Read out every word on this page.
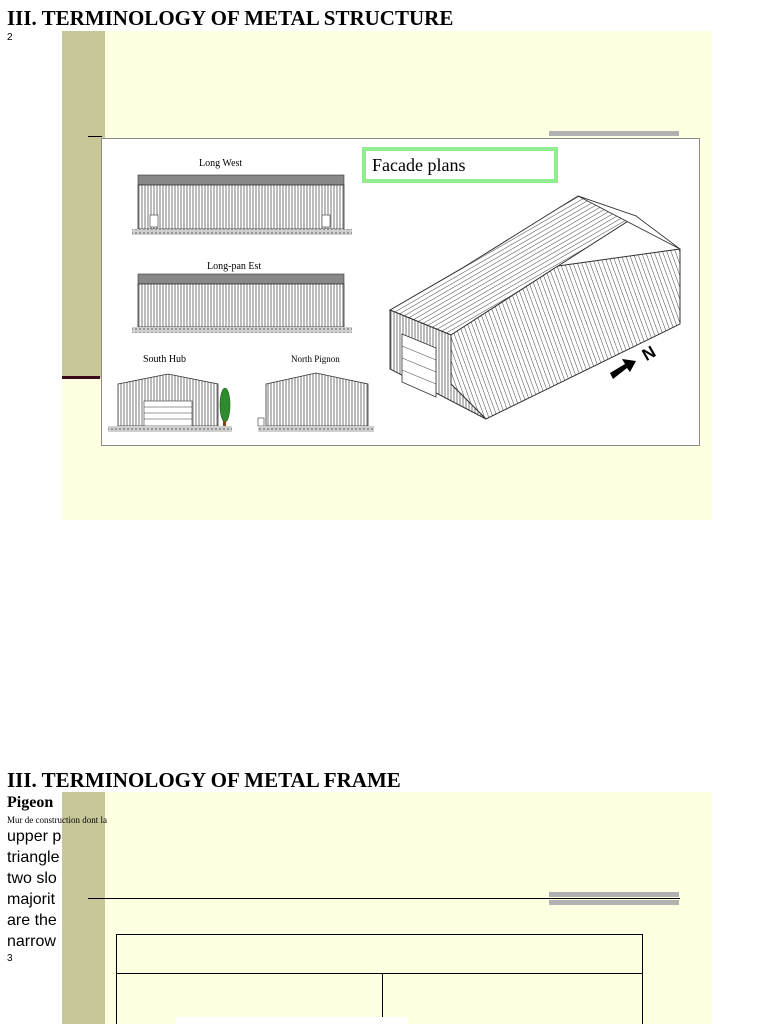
III. TERMINOLOGY OF METAL STRUCTURE
2
Long West
Long-pan Est
South Hub	North Pignon
Facade plans
N
III. TERMINOLOGY OF METAL FRAME
Pigeon
Mur de construction dont la
upper p
triangle
two slo
majorit
are the
narrow
3
